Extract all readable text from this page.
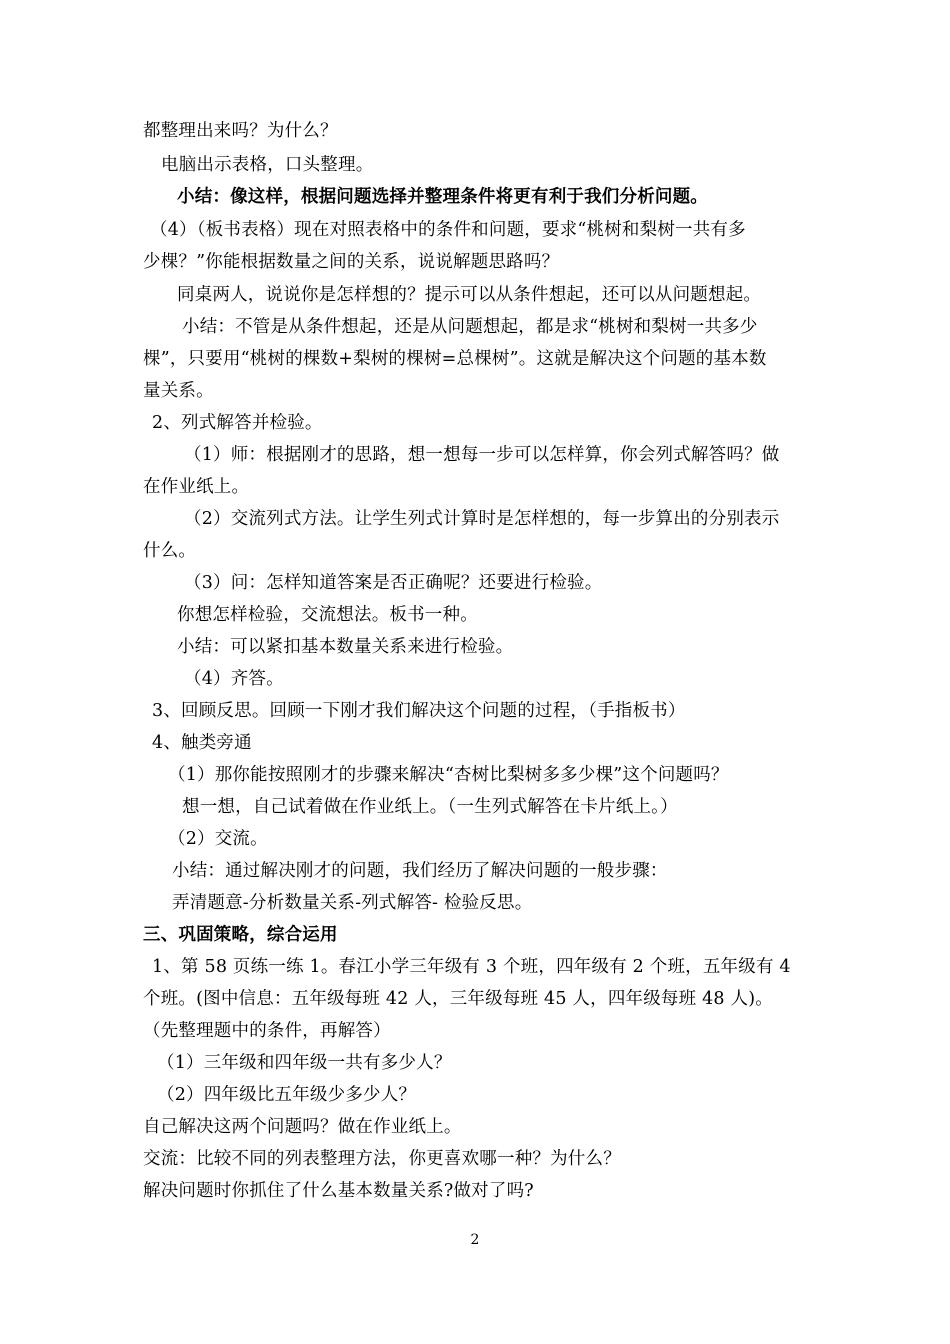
都整理出来吗？为什么？
电脑出示表格，口头整理。
小结：像这样，根据问题选择并整理条件将更有利于我们分析问题。
（4）（板书表格）现在对照表格中的条件和问题，要求“桃树和梨树一共有多
少棵？”你能根据数量之间的关系，说说解题思路吗？
同桌两人，说说你是怎样想的？提示可以从条件想起，还可以从问题想起。
小结：不管是从条件想起，还是从问题想起，都是求“桃树和梨树一共多少
棵”，只要用“桃树的棵数+梨树的棵树=总棵树”。这就是解决这个问题的基本数
量关系。
2、列式解答并检验。
（1）师：根据刚才的思路，想一想每一步可以怎样算，你会列式解答吗？做
在作业纸上。
（2）交流列式方法。让学生列式计算时是怎样想的，每一步算出的分别表示
什么。
（3）问：怎样知道答案是否正确呢？还要进行检验。
你想怎样检验，交流想法。板书一种。
小结：可以紧扣基本数量关系来进行检验。
（4）齐答。
3、回顾反思。回顾一下刚才我们解决这个问题的过程，（手指板书）
4、触类旁通
（1）那你能按照刚才的步骤来解决“杏树比梨树多多少棵”这个问题吗？
想一想，自己试着做在作业纸上。（一生列式解答在卡片纸上。）
（2）交流。
小结：通过解决刚才的问题，我们经历了解决问题的一般步骤：
弄清题意-分析数量关系-列式解答- 检验反思。
三、巩固策略，综合运用
1、第 58 页练一练 1。春江小学三年级有 3 个班，四年级有 2 个班，五年级有 4
个班。(图中信息：五年级每班 42 人，三年级每班 45 人，四年级每班 48 人)。
（先整理题中的条件，再解答）
（1）三年级和四年级一共有多少人？
（2）四年级比五年级少多少人？
自己解决这两个问题吗？做在作业纸上。
交流：比较不同的列表整理方法，你更喜欢哪一种？为什么？
解决问题时你抓住了什么基本数量关系?做对了吗?
2
